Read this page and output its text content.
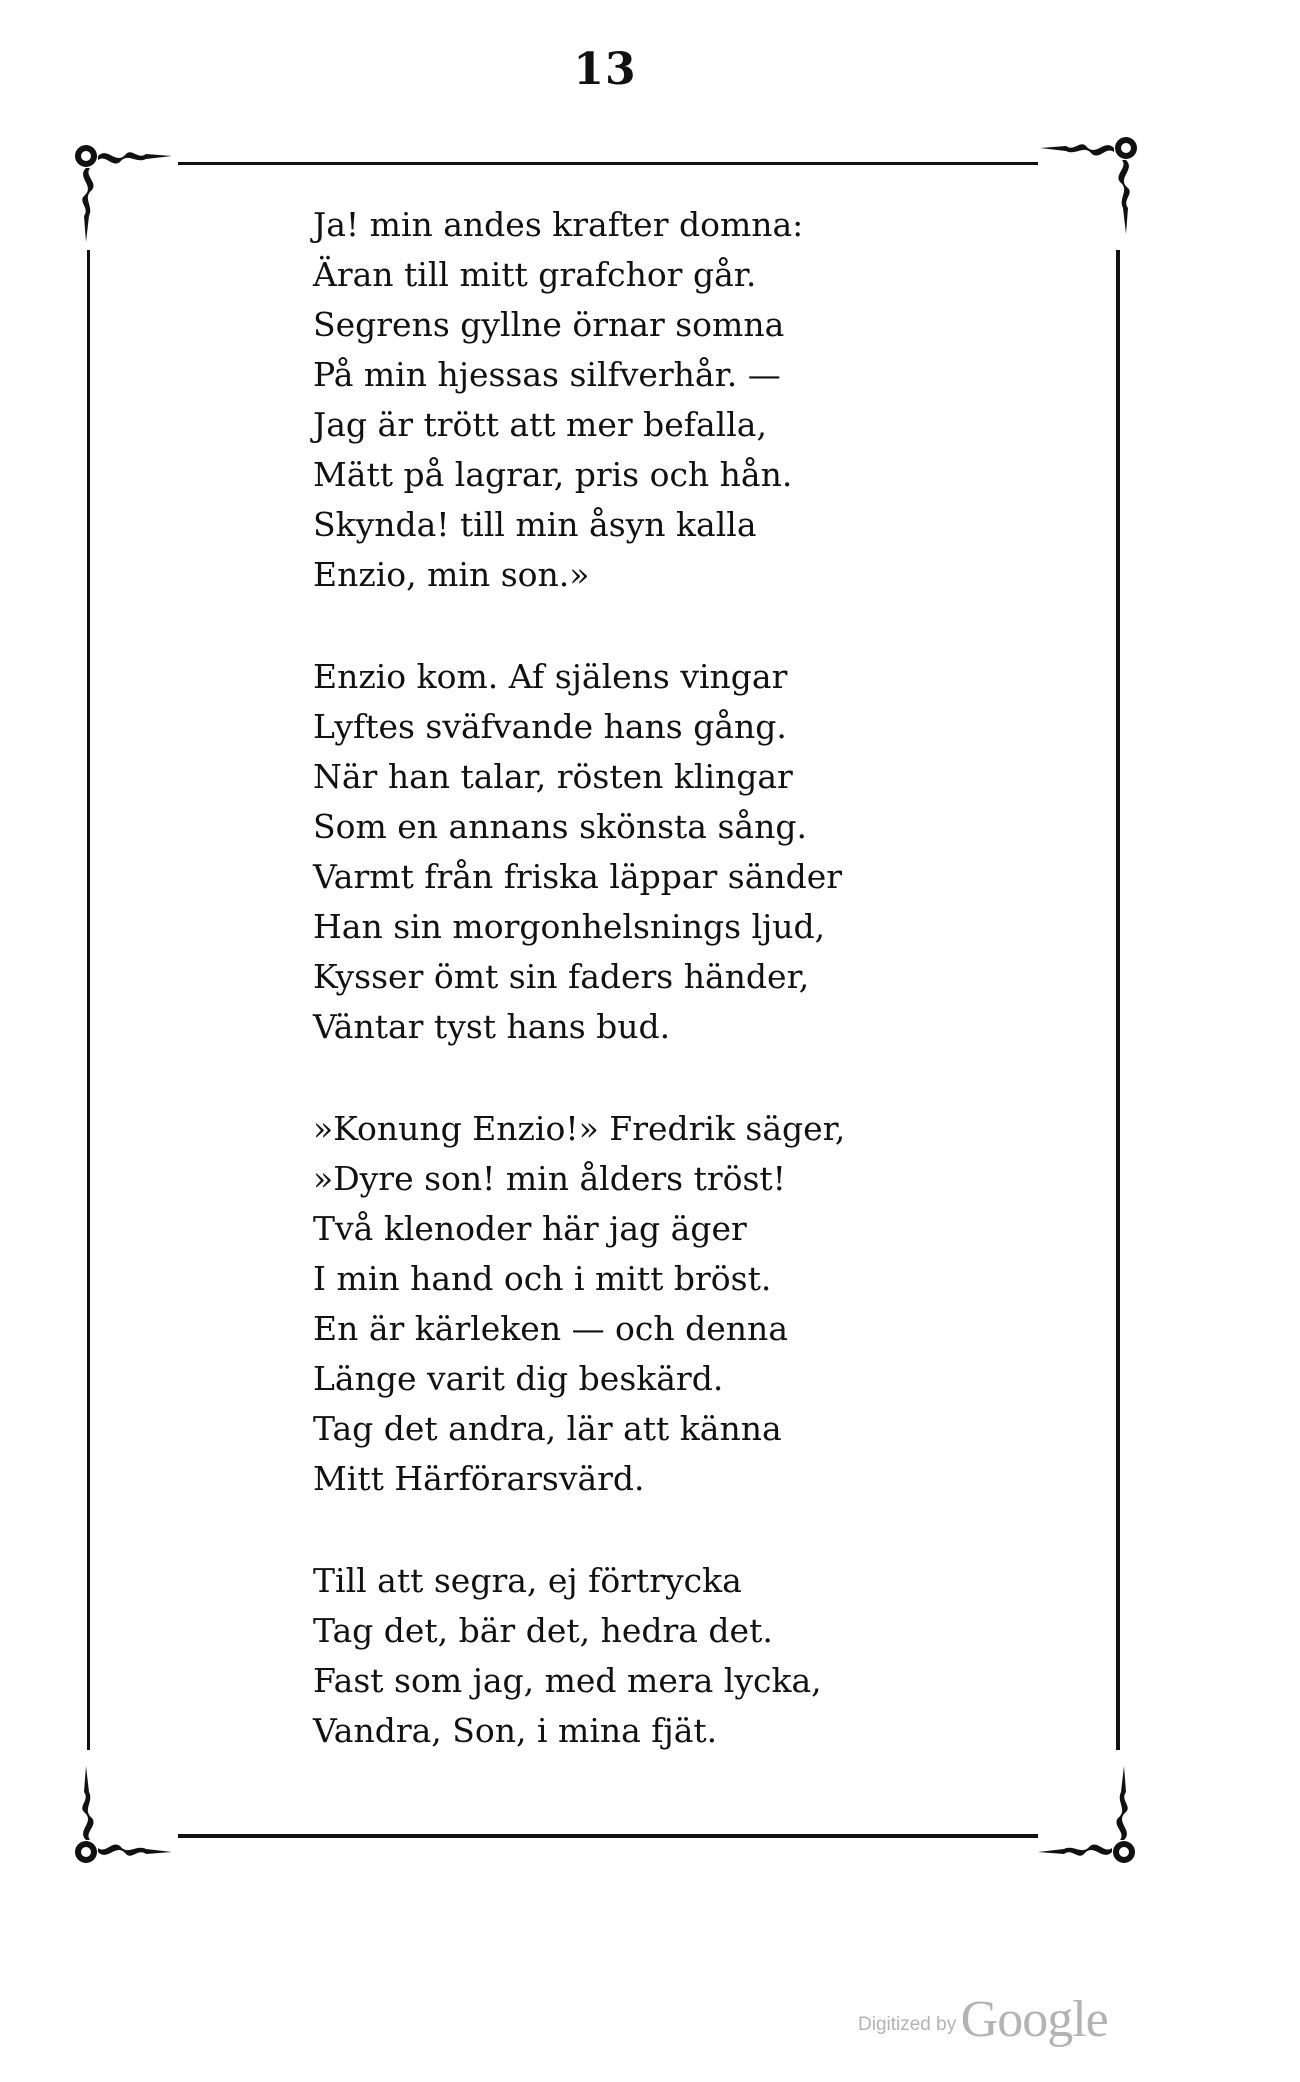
13
Ja! min andes krafter domna:
Äran till mitt grafchor går.
Segrens gyllne örnar somna
På min hjessas silfverhår. —
Jag är trött att mer befalla,
Mätt på lagrar, pris och hån.
Skynda! till min åsyn kalla
Enzio, min son.»
Enzio kom. Af själens vingar
Lyftes sväfvande hans gång.
När han talar, rösten klingar
Som en annans skönsta sång.
Varmt från friska läppar sänder
Han sin morgonhelsnings ljud,
Kysser ömt sin faders händer,
Väntar tyst hans bud.
»Konung Enzio!» Fredrik säger,
»Dyre son! min ålders tröst!
Två klenoder här jag äger
I min hand och i mitt bröst.
En är kärleken — och denna
Länge varit dig beskärd.
Tag det andra, lär att känna
Mitt Härförarsvärd.
Till att segra, ej förtrycka
Tag det, bär det, hedra det.
Fast som jag, med mera lycka,
Vandra, Son, i mina fjät.
Digitized by Google
